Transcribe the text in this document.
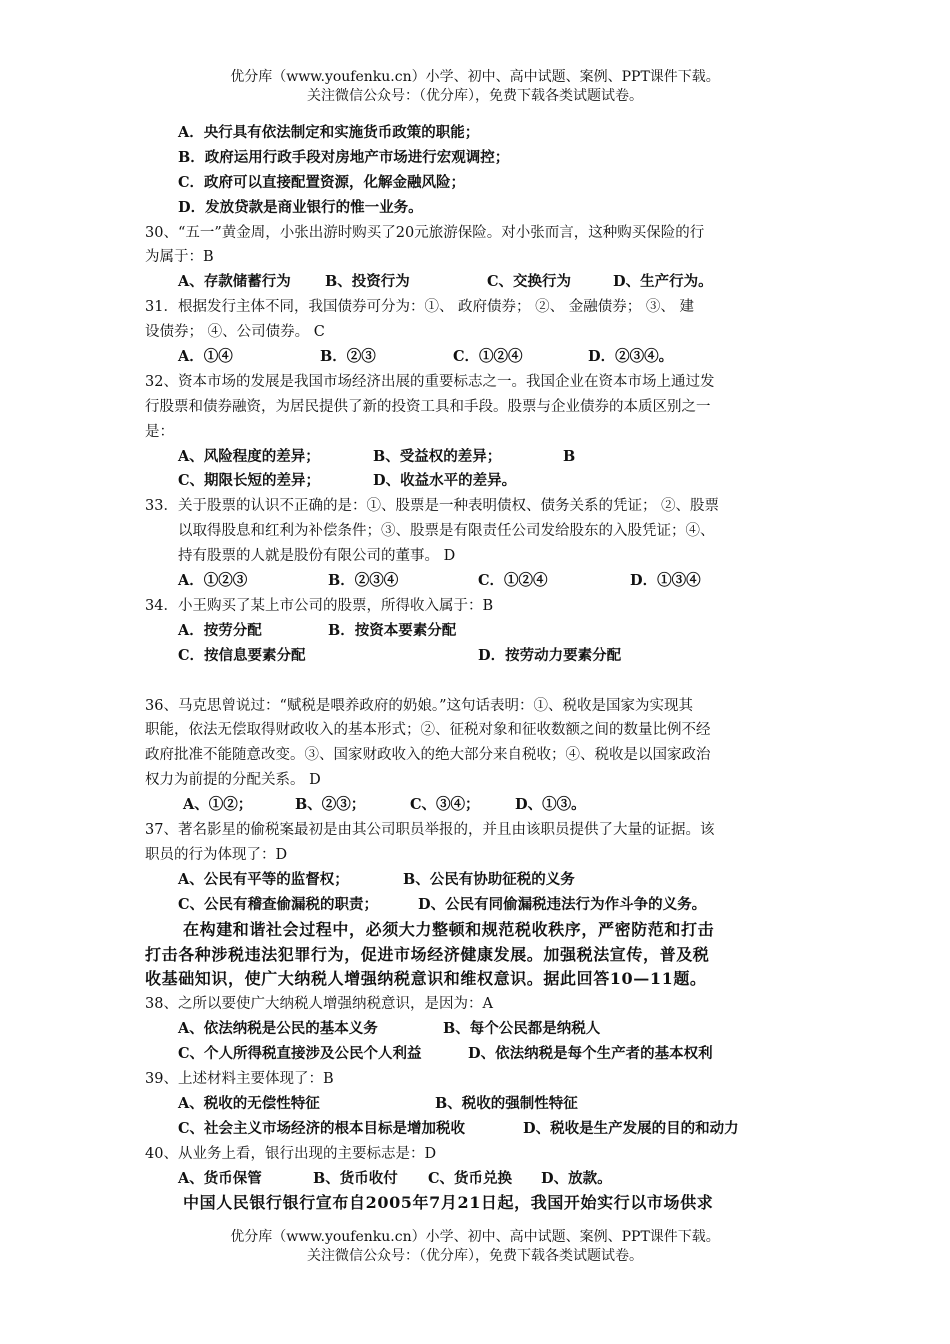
优分库（www.youfenku.cn）小学、初中、高中试题、案例、PPT课件下载。
关注微信公众号：（优分库），免费下载各类试题试卷。
A．央行具有依法制定和实施货币政策的职能；
B．政府运用行政手段对房地产市场进行宏观调控；
C．政府可以直接配置资源，化解金融风险；
D．发放贷款是商业银行的惟一业务。
30、“五一”黄金周，小张出游时购买了20元旅游保险。对小张而言，这种购买保险的行
为属于：B
A、存款储蓄行为 B、投资行为	C、交换行为	D、生产行为。
31．根据发行主体不同，我国债券可分为：①、 政府债券； ②、 金融债券； ③、 建
设债券； ④、公司债券。 C
A．①④	B．②③	C．①②④	D．②③④。
32、资本市场的发展是我国市场经济出展的重要标志之一。我国企业在资本市场上通过发
行股票和债券融资，为居民提供了新的投资工具和手段。股票与企业债券的本质区别之一
是：
A、风险程度的差异；	B、受益权的差异；	B
C、期限长短的差异；	D、收益水平的差异。
33．关于股票的认识不正确的是：①、股票是一种表明债权、债务关系的凭证； ②、股票
以取得股息和红利为补偿条件；③、股票是有限责任公司发给股东的入股凭证；④、
持有股票的人就是股份有限公司的董事。 D
A．①②③	B．②③④	C．①②④	D．①③④
34．小王购买了某上市公司的股票，所得收入属于：B
A．按劳分配	B．按资本要素分配
C．按信息要素分配	D．按劳动力要素分配
36、马克思曾说过：“赋税是喂养政府的奶娘。”这句话表明：①、税收是国家为实现其
职能，依法无偿取得财政收入的基本形式；②、征税对象和征收数额之间的数量比例不经
政府批准不能随意改变。③、国家财政收入的绝大部分来自税收；④、税收是以国家政治
权力为前提的分配关系。 D
A、①②；	B、②③；	C、③④； D、①③。
37、著名影星的偷税案最初是由其公司职员举报的，并且由该职员提供了大量的证据。该
职员的行为体现了：D
A、公民有平等的监督权；	B、公民有协助征税的义务
C、公民有稽查偷漏税的职责；	D、公民有同偷漏税违法行为作斗争的义务。
在构建和谐社会过程中，必须大力整顿和规范税收秩序，严密防范和打击
打击各种涉税违法犯罪行为，促进市场经济健康发展。加强税法宣传，普及税
收基础知识，使广大纳税人增强纳税意识和维权意识。据此回答10—11题。
38、之所以要使广大纳税人增强纳税意识，是因为：A
A、依法纳税是公民的基本义务	B、每个公民都是纳税人
C、个人所得税直接涉及公民个人利益	D、依法纳税是每个生产者的基本权利
39、上述材料主要体现了：B
A、税收的无偿性特征	B、税收的强制性特征
C、社会主义市场经济的根本目标是增加税收	D、税收是生产发展的目的和动力
40、从业务上看，银行出现的主要标志是：D
A、货币保管	B、货币收付 C、货币兑换 D、放款。
中国人民银行银行宣布自2005年7月21日起，我国开始实行以市场供求
优分库（www.youfenku.cn）小学、初中、高中试题、案例、PPT课件下载。
关注微信公众号：（优分库），免费下载各类试题试卷。
